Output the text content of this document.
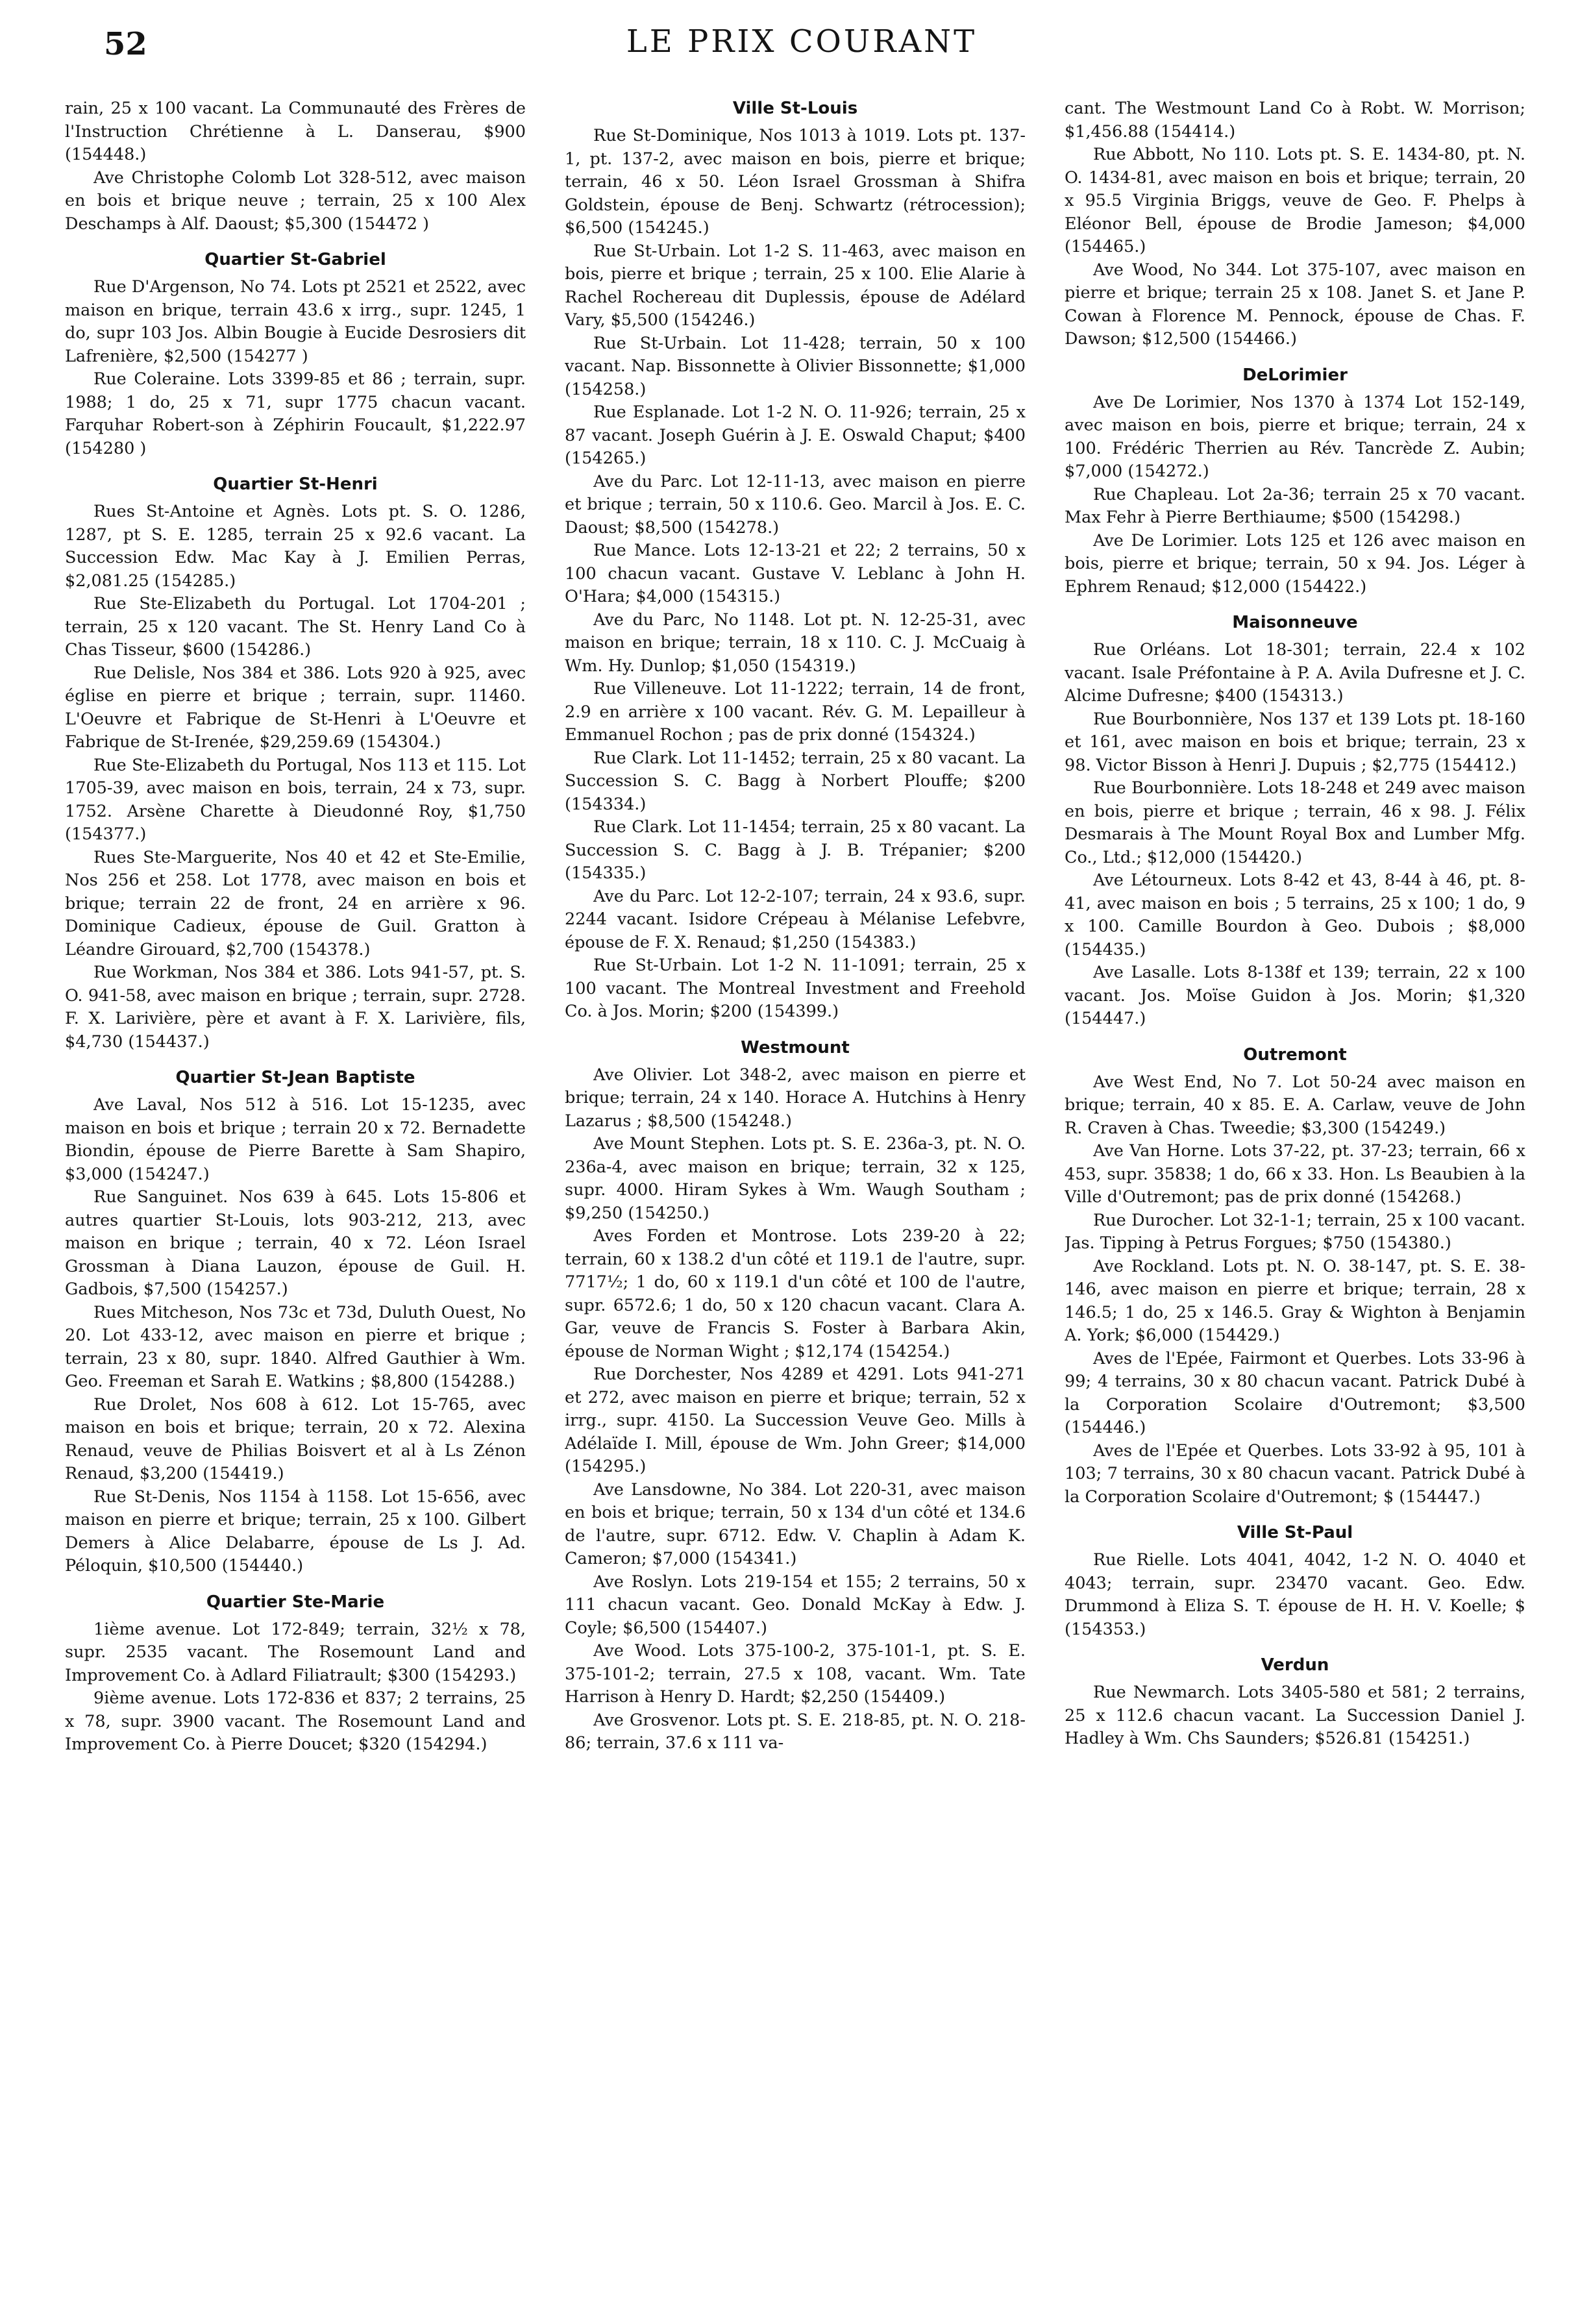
52	LE PRIX COURANT

rain, 25 x 100 vacant. La Communauté des Frères de l'Instruction Chrétienne à L. Danserau, $900 (154448.)

Ave Christophe Colomb Lot 328-512, avec maison en bois et brique neuve ; terrain, 25 x 100 Alex Deschamps à Alf. Daoust; $5,300 (154472 )

Quartier St-Gabriel

Rue D'Argenson, No 74. Lots pt 2521 et 2522, avec maison en brique, terrain 43.6 x irrg., supr. 1245, 1 do, supr 103 Jos. Albin Bougie à Eucide Desrosiers dit Lafrenière, $2,500 (154277 )

Rue Coleraine. Lots 3399-85 et 86 ; terrain, supr. 1988; 1 do, 25 x 71, supr 1775 chacun vacant. Farquhar Robert-son à Zéphirin Foucault, $1,222.97 (154280 )

Quartier St-Henri

Rues St-Antoine et Agnès. Lots pt. S. O. 1286, 1287, pt S. E. 1285, terrain 25 x 92.6 vacant. La Succession Edw. Mac Kay à J. Emilien Perras, $2,081.25 (154285.)

Rue Ste-Elizabeth du Portugal. Lot 1704-201 ; terrain, 25 x 120 vacant. The St. Henry Land Co à Chas Tisseur, $600 (154286.)

Rue Delisle, Nos 384 et 386. Lots 920 à 925, avec église en pierre et brique ; terrain, supr. 11460. L'Oeuvre et Fabrique de St-Henri à L'Oeuvre et Fabrique de St-Irenée, $29,259.69 (154304.)

Rue Ste-Elizabeth du Portugal, Nos 113 et 115. Lot 1705-39, avec maison en bois, terrain, 24 x 73, supr. 1752. Arsène Charette à Dieudonné Roy, $1,750 (154377.)

Rues Ste-Marguerite, Nos 40 et 42 et Ste-Emilie, Nos 256 et 258. Lot 1778, avec maison en bois et brique; terrain 22 de front, 24 en arrière x 96. Dominique Cadieux, épouse de Guil. Gratton à Léandre Girouard, $2,700 (154378.)

Rue Workman, Nos 384 et 386. Lots 941-57, pt. S. O. 941-58, avec maison en brique ; terrain, supr. 2728. F. X. Larivière, père et avant à F. X. Larivière, fils, $4,730 (154437.)

Quartier St-Jean Baptiste

Ave Laval, Nos 512 à 516. Lot 15-1235, avec maison en bois et brique ; terrain 20 x 72. Bernadette Biondin, épouse de Pierre Barette à Sam Shapiro, $3,000 (154247.)

Rue Sanguinet. Nos 639 à 645. Lots 15-806 et autres quartier St-Louis, lots 903-212, 213, avec maison en brique ; terrain, 40 x 72. Léon Israel Grossman à Diana Lauzon, épouse de Guil. H. Gadbois, $7,500 (154257.)

Rues Mitcheson, Nos 73c et 73d, Duluth Ouest, No 20. Lot 433-12, avec maison en pierre et brique ; terrain, 23 x 80, supr. 1840. Alfred Gauthier à Wm. Geo. Freeman et Sarah E. Watkins ; $8,800 (154288.)

Rue Drolet, Nos 608 à 612. Lot 15-765, avec maison en bois et brique; terrain, 20 x 72. Alexina Renaud, veuve de Philias Boisvert et al à Ls Zénon Renaud, $3,200 (154419.)

Rue St-Denis, Nos 1154 à 1158. Lot 15-656, avec maison en pierre et brique; terrain, 25 x 100. Gilbert Demers à Alice Delabarre, épouse de Ls J. Ad. Péloquin, $10,500 (154440.)

Quartier Ste-Marie

1ième avenue. Lot 172-849; terrain, 32½ x 78, supr. 2535 vacant. The Rosemount Land and Improvement Co. à Adlard Filiatrault; $300 (154293.)

9ième avenue. Lots 172-836 et 837; 2 terrains, 25 x 78, supr. 3900 vacant. The Rosemount Land and Improvement Co. à Pierre Doucet; $320 (154294.)

Ville St-Louis

Rue St-Dominique, Nos 1013 à 1019. Lots pt. 137-1, pt. 137-2, avec maison en bois, pierre et brique; terrain, 46 x 50. Léon Israel Grossman à Shifra Goldstein, épouse de Benj. Schwartz (rétrocession); $6,500 (154245.)

Rue St-Urbain. Lot 1-2 S. 11-463, avec maison en bois, pierre et brique ; terrain, 25 x 100. Elie Alarie à Rachel Rochereau dit Duplessis, épouse de Adélard Vary, $5,500 (154246.)

Rue St-Urbain. Lot 11-428; terrain, 50 x 100 vacant. Nap. Bissonnette à Olivier Bissonnette; $1,000 (154258.)

Rue Esplanade. Lot 1-2 N. O. 11-926; terrain, 25 x 87 vacant. Joseph Guérin à J. E. Oswald Chaput; $400 (154265.)

Ave du Parc. Lot 12-11-13, avec maison en pierre et brique ; terrain, 50 x 110.6. Geo. Marcil à Jos. E. C. Daoust; $8,500 (154278.)

Rue Mance. Lots 12-13-21 et 22; 2 terrains, 50 x 100 chacun vacant. Gustave V. Leblanc à John H. O'Hara; $4,000 (154315.)

Ave du Parc, No 1148. Lot pt. N. 12-25-31, avec maison en brique; terrain, 18 x 110. C. J. McCuaig à Wm. Hy. Dunlop; $1,050 (154319.)

Rue Villeneuve. Lot 11-1222; terrain, 14 de front, 2.9 en arrière x 100 vacant. Rév. G. M. Lepailleur à Emmanuel Rochon ; pas de prix donné (154324.)

Rue Clark. Lot 11-1452; terrain, 25 x 80 vacant. La Succession S. C. Bagg à Norbert Plouffe; $200 (154334.)

Rue Clark. Lot 11-1454; terrain, 25 x 80 vacant. La Succession S. C. Bagg à J. B. Trépanier; $200 (154335.)

Ave du Parc. Lot 12-2-107; terrain, 24 x 93.6, supr. 2244 vacant. Isidore Crépeau à Mélanise Lefebvre, épouse de F. X. Renaud; $1,250 (154383.)

Rue St-Urbain. Lot 1-2 N. 11-1091; terrain, 25 x 100 vacant. The Montreal Investment and Freehold Co. à Jos. Morin; $200 (154399.)

Westmount

Ave Olivier. Lot 348-2, avec maison en pierre et brique; terrain, 24 x 140. Horace A. Hutchins à Henry Lazarus ; $8,500 (154248.)

Ave Mount Stephen. Lots pt. S. E. 236a-3, pt. N. O. 236a-4, avec maison en brique; terrain, 32 x 125, supr. 4000. Hiram Sykes à Wm. Waugh Southam ; $9,250 (154250.)

Aves Forden et Montrose. Lots 239-20 à 22; terrain, 60 x 138.2 d'un côté et 119.1 de l'autre, supr. 7717½; 1 do, 60 x 119.1 d'un côté et 100 de l'autre, supr. 6572.6; 1 do, 50 x 120 chacun vacant. Clara A. Gar, veuve de Francis S. Foster à Barbara Akin, épouse de Norman Wight ; $12,174 (154254.)

Rue Dorchester, Nos 4289 et 4291. Lots 941-271 et 272, avec maison en pierre et brique; terrain, 52 x irrg., supr. 4150. La Succession Veuve Geo. Mills à Adélaïde I. Mill, épouse de Wm. John Greer; $14,000 (154295.)

Ave Lansdowne, No 384. Lot 220-31, avec maison en bois et brique; terrain, 50 x 134 d'un côté et 134.6 de l'autre, supr. 6712. Edw. V. Chaplin à Adam K. Cameron; $7,000 (154341.)

Ave Roslyn. Lots 219-154 et 155; 2 terrains, 50 x 111 chacun vacant. Geo. Donald McKay à Edw. J. Coyle; $6,500 (154407.)

Ave Wood. Lots 375-100-2, 375-101-1, pt. S. E. 375-101-2; terrain, 27.5 x 108, vacant. Wm. Tate Harrison à Henry D. Hardt; $2,250 (154409.)

Ave Grosvenor. Lots pt. S. E. 218-85, pt. N. O. 218-86; terrain, 37.6 x 111 va-

cant. The Westmount Land Co à Robt. W. Morrison; $1,456.88 (154414.)

Rue Abbott, No 110. Lots pt. S. E. 1434-80, pt. N. O. 1434-81, avec maison en bois et brique; terrain, 20 x 95.5 Virginia Briggs, veuve de Geo. F. Phelps à Eléonor Bell, épouse de Brodie Jameson; $4,000 (154465.)

Ave Wood, No 344. Lot 375-107, avec maison en pierre et brique; terrain 25 x 108. Janet S. et Jane P. Cowan à Florence M. Pennock, épouse de Chas. F. Dawson; $12,500 (154466.)

DeLorimier

Ave De Lorimier, Nos 1370 à 1374 Lot 152-149, avec maison en bois, pierre et brique; terrain, 24 x 100. Frédéric Therrien au Rév. Tancrède Z. Aubin; $7,000 (154272.)

Rue Chapleau. Lot 2a-36; terrain 25 x 70 vacant. Max Fehr à Pierre Berthiaume; $500 (154298.)

Ave De Lorimier. Lots 125 et 126 avec maison en bois, pierre et brique; terrain, 50 x 94. Jos. Léger à Ephrem Renaud; $12,000 (154422.)

Maisonneuve

Rue Orléans. Lot 18-301; terrain, 22.4 x 102 vacant. Isale Préfontaine à P. A. Avila Dufresne et J. C. Alcime Dufresne; $400 (154313.)

Rue Bourbonnière, Nos 137 et 139 Lots pt. 18-160 et 161, avec maison en bois et brique; terrain, 23 x 98. Victor Bisson à Henri J. Dupuis ; $2,775 (154412.)

Rue Bourbonnière. Lots 18-248 et 249 avec maison en bois, pierre et brique ; terrain, 46 x 98. J. Félix Desmarais à The Mount Royal Box and Lumber Mfg. Co., Ltd.; $12,000 (154420.)

Ave Létourneux. Lots 8-42 et 43, 8-44 à 46, pt. 8-41, avec maison en bois ; 5 terrains, 25 x 100; 1 do, 9 x 100. Camille Bourdon à Geo. Dubois ; $8,000 (154435.)

Ave Lasalle. Lots 8-138f et 139; terrain, 22 x 100 vacant. Jos. Moïse Guidon à Jos. Morin; $1,320 (154447.)

Outremont

Ave West End, No 7. Lot 50-24 avec maison en brique; terrain, 40 x 85. E. A. Carlaw, veuve de John R. Craven à Chas. Tweedie; $3,300 (154249.)

Ave Van Horne. Lots 37-22, pt. 37-23; terrain, 66 x 453, supr. 35838; 1 do, 66 x 33. Hon. Ls Beaubien à la Ville d'Outremont; pas de prix donné (154268.)

Rue Durocher. Lot 32-1-1; terrain, 25 x 100 vacant. Jas. Tipping à Petrus Forgues; $750 (154380.)

Ave Rockland. Lots pt. N. O. 38-147, pt. S. E. 38-146, avec maison en pierre et brique; terrain, 28 x 146.5; 1 do, 25 x 146.5. Gray & Wighton à Benjamin A. York; $6,000 (154429.)

Aves de l'Epée, Fairmont et Querbes. Lots 33-96 à 99; 4 terrains, 30 x 80 chacun vacant. Patrick Dubé à la Corporation Scolaire d'Outremont; $3,500 (154446.)

Aves de l'Epée et Querbes. Lots 33-92 à 95, 101 à 103; 7 terrains, 30 x 80 chacun vacant. Patrick Dubé à la Corporation Scolaire d'Outremont; $ (154447.)

Ville St-Paul

Rue Rielle. Lots 4041, 4042, 1-2 N. O. 4040 et 4043; terrain, supr. 23470 vacant. Geo. Edw. Drummond à Eliza S. T. épouse de H. H. V. Koelle; $ (154353.)

Verdun

Rue Newmarch. Lots 3405-580 et 581; 2 terrains, 25 x 112.6 chacun vacant. La Succession Daniel J. Hadley à Wm. Chs Saunders; $526.81 (154251.)
